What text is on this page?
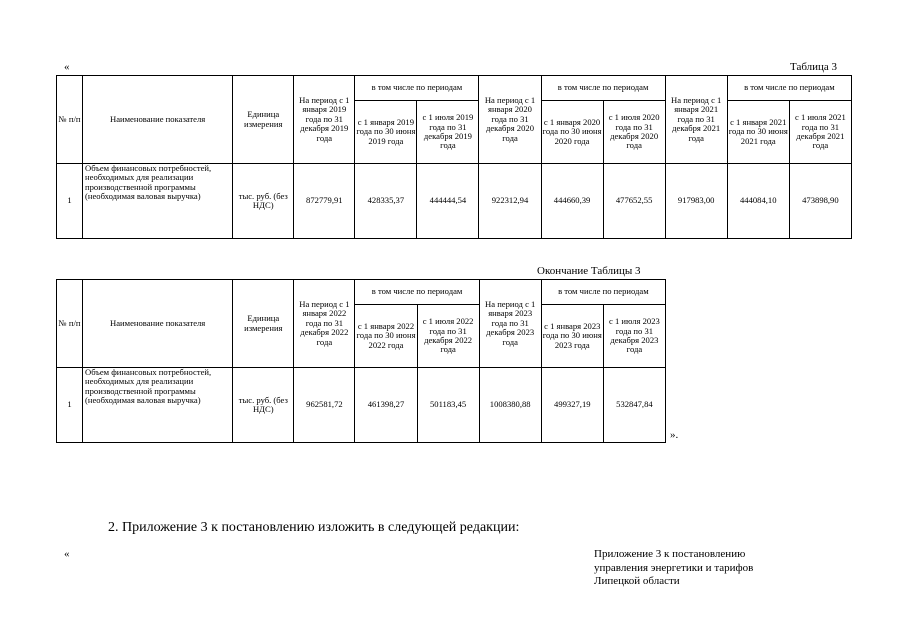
«	Таблица 3
№ п/п	Наименование показателя	Единица измерения	На период с 1 января 2019 года по 31 декабря 2019 года	в том числе по периодам		На период с 1 января 2020 года по 31 декабря 2020 года	в том числе по периодам		На период с 1 января 2021 года по 31 декабря 2021 года	в том числе по периодам	
				с 1 января 2019 года по 30 июня 2019 года	с 1 июля 2019 года по 31 декабря 2019 года		с 1 января 2020 года по 30 июня 2020 года	с 1 июля 2020 года по 31 декабря 2020 года		с 1 января 2021 года по 30 июня 2021 года	с 1 июля 2021 года по 31 декабря 2021 года
1	Объем финансовых потребностей, необходимых для реализации производственной программы (необходимая валовая выручка)	тыс. руб. (без НДС)	872779,91	428335,37	444444,54	922312,94	444660,39	477652,55	917983,00	444084,10	473898,90
Окончание Таблицы 3
№ п/п	Наименование показателя	Единица измерения	На период с 1 января 2022 года по 31 декабря 2022 года	в том числе по периодам		На период с 1 января 2023 года по 31 декабря 2023 года	в том числе по периодам	
				с 1 января 2022 года по 30 июня 2022 года	с 1 июля 2022 года по 31 декабря 2022 года		с 1 января 2023 года по 30 июня 2023 года	с 1 июля 2023 года по 31 декабря 2023 года
1	Объем финансовых потребностей, необходимых для реализации производственной программы (необходимая валовая выручка)	тыс. руб. (без НДС)	962581,72	461398,27	501183,45	1008380,88	499327,19	532847,84
».
2. Приложение 3 к постановлению изложить в следующей редакции:
«	Приложение 3 к постановлению
управления энергетики и тарифов
Липецкой области
